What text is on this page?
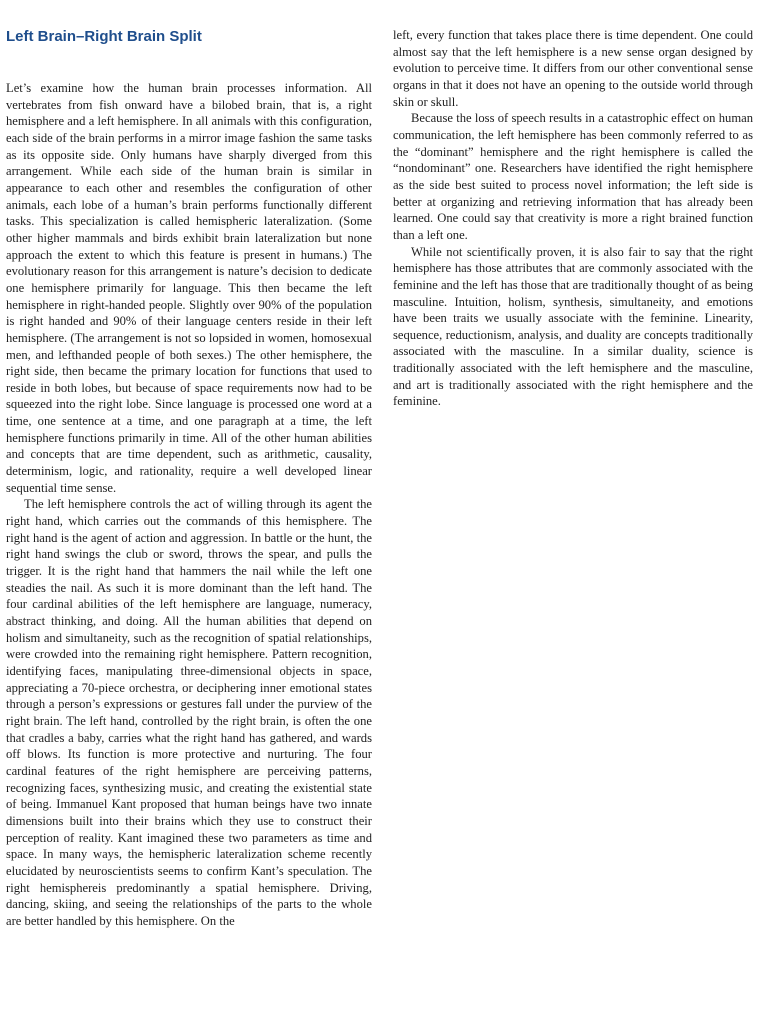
Left Brain–Right Brain Split

Let’s examine how the human brain processes information. All vertebrates from fish onward have a bilobed brain, that is, a right hemisphere and a left hemisphere. In all animals with this configuration, each side of the brain performs in a mirror image fashion the same tasks as its opposite side. Only humans have sharply diverged from this arrangement. While each side of the human brain is similar in appearance to each other and resembles the configuration of other animals, each lobe of a human’s brain performs functionally different tasks. This specialization is called hemispheric lateralization. (Some other higher mammals and birds exhibit brain lateralization but none approach the extent to which this feature is present in humans.) The evolutionary reason for this arrangement is nature’s decision to dedicate one hemisphere primarily for language. This then became the left hemisphere in right-handed people. Slightly over 90% of the population is right handed and 90% of their language centers reside in their left hemisphere. (The arrangement is not so lopsided in women, homosexual men, and lefthanded people of both sexes.) The other hemisphere, the right side, then became the primary location for functions that used to reside in both lobes, but because of space requirements now had to be squeezed into the right lobe. Since language is processed one word at a time, one sentence at a time, and one paragraph at a time, the left hemisphere functions primarily in time. All of the other human abilities and concepts that are time dependent, such as arithmetic, causality, determinism, logic, and rationality, require a well developed linear sequential time sense.

The left hemisphere controls the act of willing through its agent the right hand, which carries out the commands of this hemisphere. The right hand is the agent of action and aggression. In battle or the hunt, the right hand swings the club or sword, throws the spear, and pulls the trigger. It is the right hand that hammers the nail while the left one steadies the nail. As such it is more dominant than the left hand. The four cardinal abilities of the left hemisphere are language, numeracy, abstract thinking, and doing. All the human abilities that depend on holism and simultaneity, such as the recognition of spatial relationships, were crowded into the remaining right hemisphere. Pattern recognition, identifying faces, manipulating three-dimensional objects in space, appreciating a 70-piece orchestra, or deciphering inner emotional states through a person’s expressions or gestures fall under the purview of the right brain. The left hand, controlled by the right brain, is often the one that cradles a baby, carries what the right hand has gathered, and wards off blows. Its function is more protective and nurturing. The four cardinal features of the right hemisphere are perceiving patterns, recognizing faces, synthesizing music, and creating the existential state of being. Immanuel Kant proposed that human beings have two innate dimensions built into their brains which they use to construct their perception of reality. Kant imagined these two parameters as time and space. In many ways, the hemispheric lateralization scheme recently elucidated by neuroscientists seems to confirm Kant’s speculation. The right hemisphereis predominantly a spatial hemisphere. Driving, dancing, skiing, and seeing the relationships of the parts to the whole are better handled by this hemisphere. On the

left, every function that takes place there is time dependent. One could almost say that the left hemisphere is a new sense organ designed by evolution to perceive time. It differs from our other conventional sense organs in that it does not have an opening to the outside world through skin or skull.

Because the loss of speech results in a catastrophic effect on human communication, the left hemisphere has been commonly referred to as the “dominant” hemisphere and the right hemisphere is called the “nondominant” one. Researchers have identified the right hemisphere as the side best suited to process novel information; the left side is better at organizing and retrieving information that has already been learned. One could say that creativity is more a right brained function than a left one.

While not scientifically proven, it is also fair to say that the right hemisphere has those attributes that are commonly associated with the feminine and the left has those that are traditionally thought of as being masculine. Intuition, holism, synthesis, simultaneity, and emotions have been traits we usually associate with the feminine. Linearity, sequence, reductionism, analysis, and duality are concepts traditionally associated with the masculine. In a similar duality, science is traditionally associated with the left hemisphere and the masculine, and art is traditionally associated with the right hemisphere and the feminine.
